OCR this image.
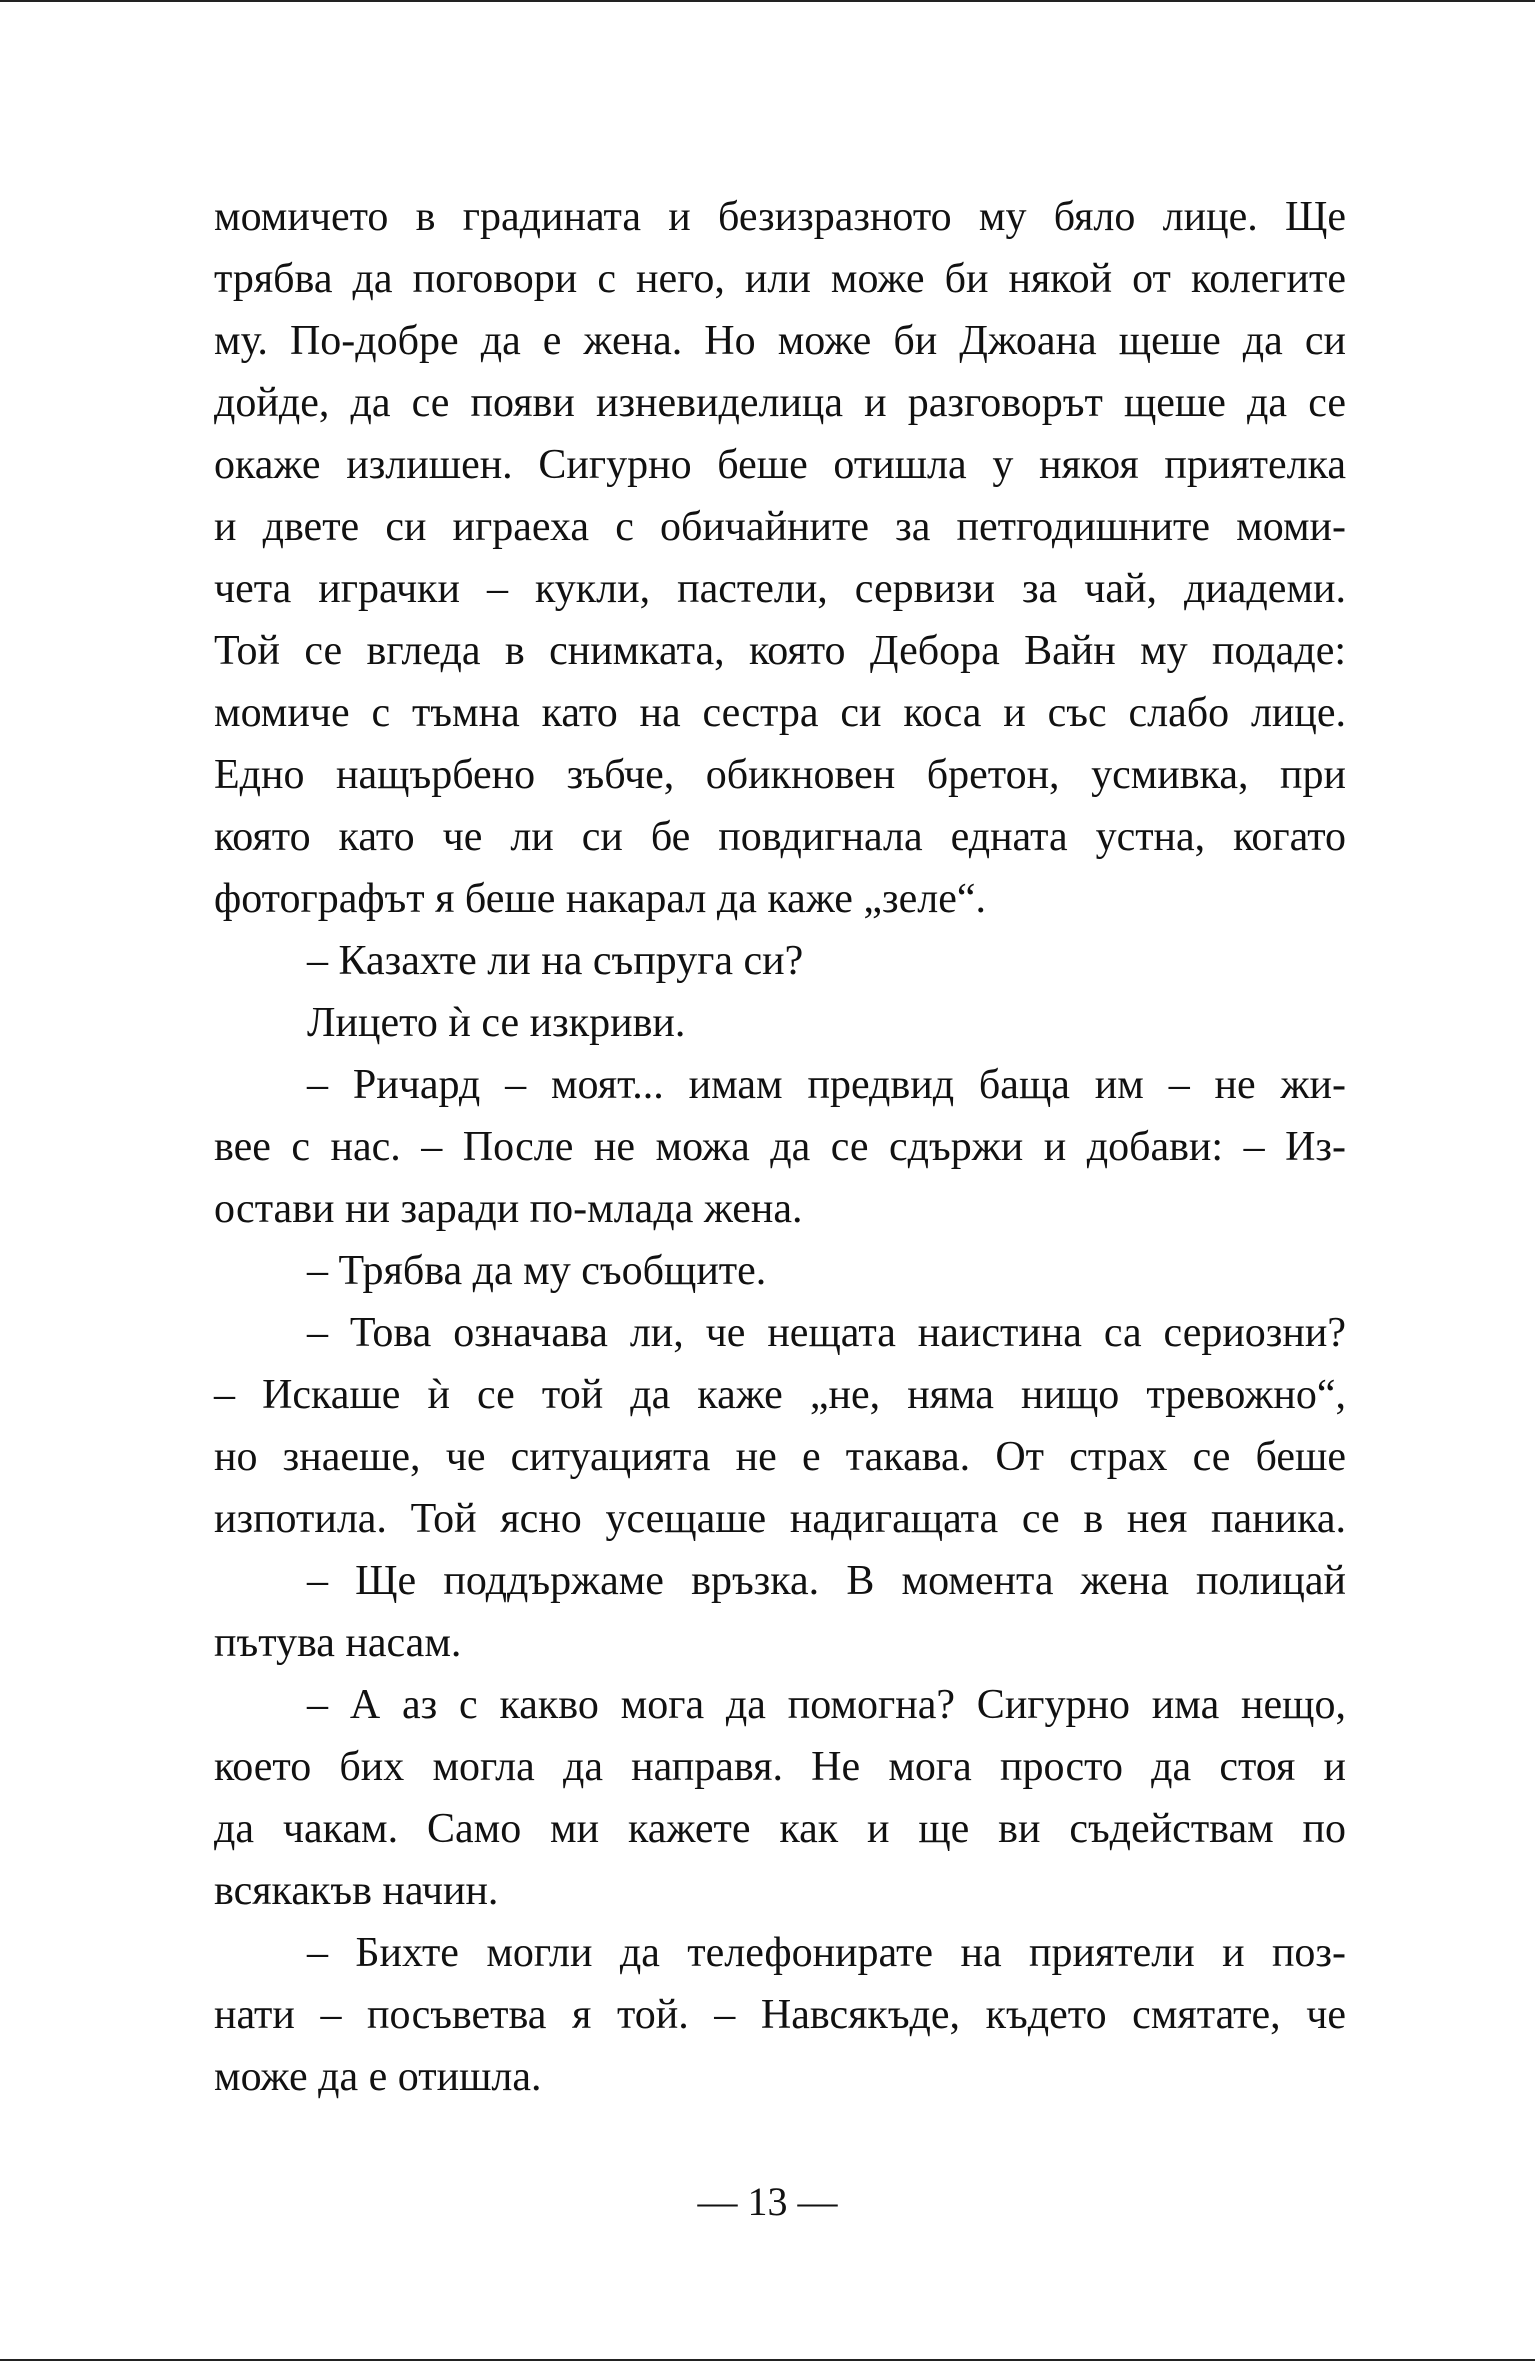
момичето в градината и безизразното му бяло лице. Ще
трябва да поговори с него, или може би някой от колегите
му. По-добре да е жена. Но може би Джоана щеше да си
дойде, да се появи изневиделица и разговорът щеше да се
окаже излишен. Сигурно беше отишла у някоя приятелка
и двете си играеха с обичайните за петгодишните моми-
чета играчки – кукли, пастели, сервизи за чай, диадеми.
Той се вгледа в снимката, която Дебора Вайн му подаде:
момиче с тъмна като на сестра си коса и със слабо лице.
Едно нащърбено зъбче, обикновен бретон, усмивка, при
която като че ли си бе повдигнала едната устна, когато
фотографът я беше накарал да каже „зеле“.
– Казахте ли на съпруга си?
Лицето ѝ се изкриви.
– Ричард – моят... имам предвид баща им – не жи-
вее с нас. – После не можа да се сдържи и добави: – Из-
остави ни заради по-млада жена.
– Трябва да му съобщите.
– Това означава ли, че нещата наистина са сериозни?
– Искаше ѝ се той да каже „не, няма нищо тревожно“,
но знаеше, че ситуацията не е такава. От страх се беше
изпотила. Той ясно усещаше надигащата се в нея паника.
– Ще поддържаме връзка. В момента жена полицай
пътува насам.
– А аз с какво мога да помогна? Сигурно има нещо,
което бих могла да направя. Не мога просто да стоя и
да чакам. Само ми кажете как и ще ви съдействам по
всякакъв начин.
– Бихте могли да телефонирате на приятели и поз-
нати – посъветва я той. – Навсякъде, където смятате, че
може да е отишла.
— 13 —
